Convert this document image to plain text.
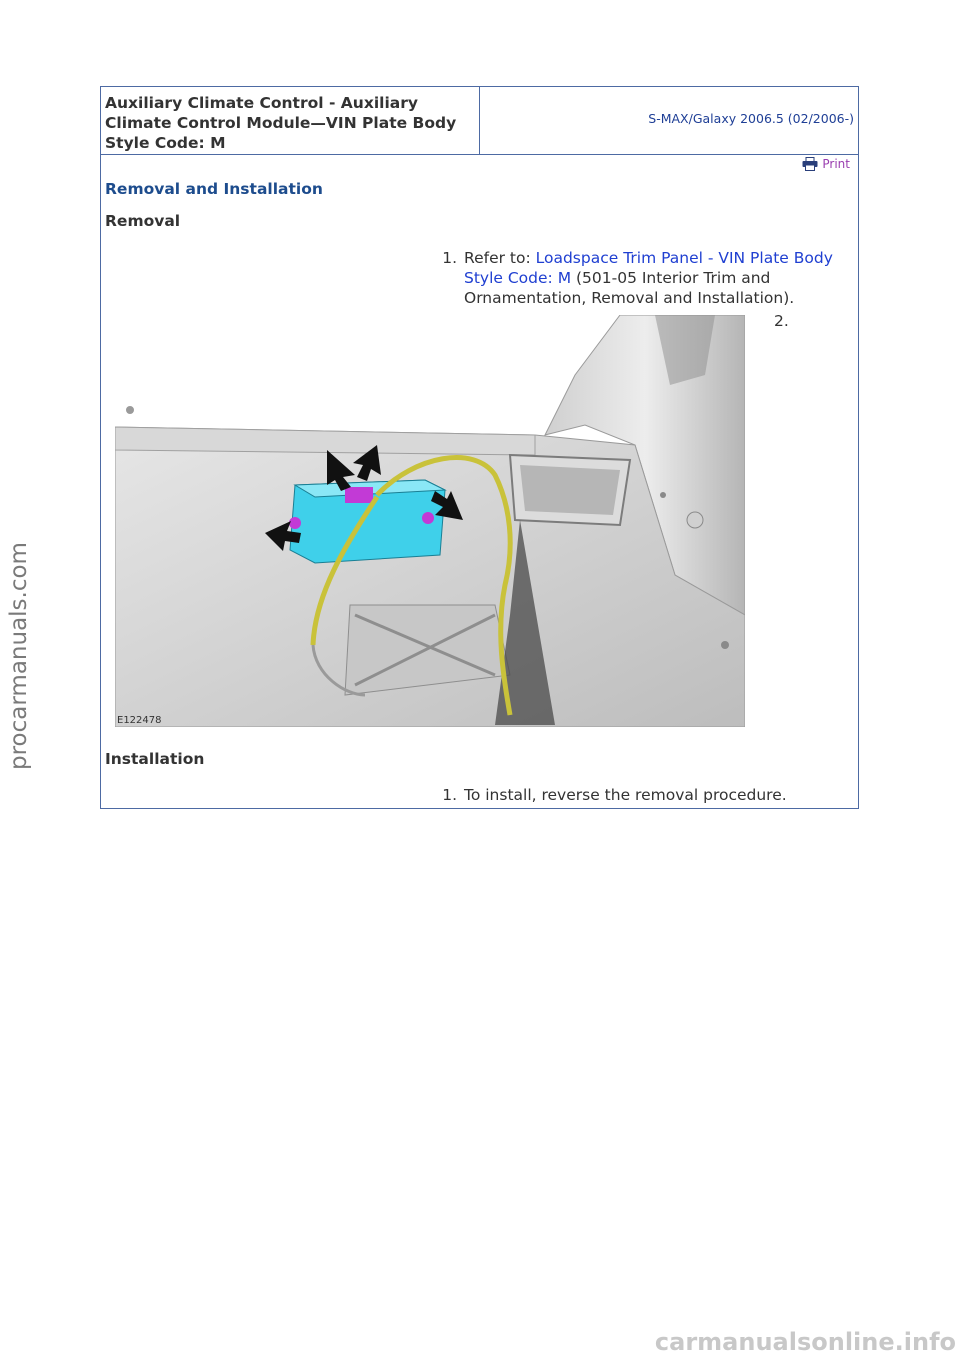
Auxiliary Climate Control - Auxiliary Climate Control Module—VIN Plate Body Style Code: M
S-MAX/Galaxy 2006.5 (02/2006-)
Print
Removal and Installation
Removal
1. Refer to: Loadspace Trim Panel - VIN Plate Body Style Code: M (501-05 Interior Trim and Ornamentation, Removal and Installation).
2.
E122478
Installation
1. To install, reverse the removal procedure.
procarmanuals.com
carmanualsonline.info
